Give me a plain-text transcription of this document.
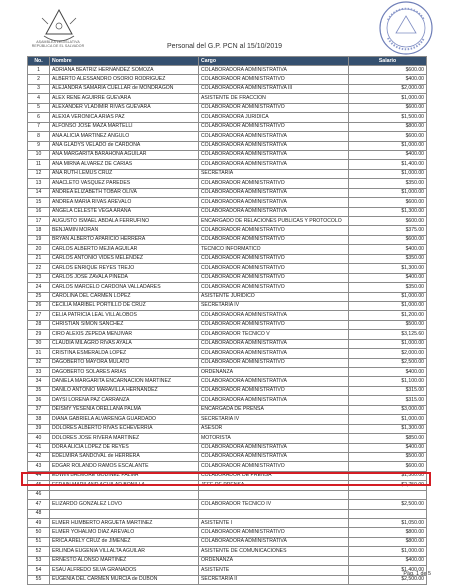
ASAMBLEA LEGISLATIVA
REPÚBLICA DE EL SALVADOR	Personal del G.P. PCN al 15/10/2019
No.	Nombre	Cargo	Salario
1	ADRIANA BEATRIZ HERNANDEZ SOMOZA	COLABORADORA ADMINISTRATIVA	$600.00
2	ALBERTO ALESSANDRO OSORIO RODRIGUEZ	COLABORADOR ADMINISTRATIVO	$400.00
3	ALEJANDRA SAMARIA CUELLAR de MONDRAGON	COLABORADORA ADMINISTRATIVA III	$2,000.00
4	ALEX RENE AGUIRRE GUEVARA	ASISTENTE DE FRACCION	$1,000.00
5	ALEXANDER VLADIMIR RIVAS GUEVARA	COLABORADOR ADMINISTRATIVO	$600.00
6	ALEXIA VERONICA ARIAS PAZ	COLABORADORA JURIDICA	$1,500.00
7	ALFONSO JOSE MAZA MARTELLI	COLABORADOR ADMINISTRATIVO	$800.00
8	ANA ALICIA MARTINEZ ANGULO	COLABORADORA ADMINISTRATIVA	$600.00
9	ANA GLADYS VELADO de CARDONA	COLABORADORA ADMINISTRATIVA	$1,000.00
10	ANA MARGARITA BARAHONA AGUILAR	COLABORADORA ADMINISTRATIVA	$400.00
11	ANA MIRNA ALVAREZ DE CARIAS	COLABORADORA ADMINISTRATIVA	$1,400.00
12	ANA RUTH LEMUS CRUZ	SECRETARIA	$1,000.00
13	ANACLETO VASQUEZ PAREDES	COLABORADOR ADMINISTRATIVO	$350.00
14	ANDREA ELIZABETH TOBAR OLIVA	COLABORADORA ADMINISTRATIVA	$1,000.00
15	ANDREA MARIA RIVAS AREVALO	COLABORADORA ADMINISTRATIVA	$600.00
16	ANGELA CELESTE VEGA ARANA	COLABORADORA ADMINISTRATIVA	$1,300.00
17	AUGUSTO ISMAEL ABDALA FERRUFINO	ENCARGADO DE RELACIONES PUBLICAS Y PROTOCOLO	$600.00
18	BENJAMIN MORAN	COLABORADOR ADMINISTRATIVO	$375.00
19	BRYAN ALBERTO APARICIO HERRERA	COLABORADOR ADMINISTRATIVO	$600.00
20	CARLOS ALBERTO MEJIA AGUILAR	TECNICO INFORMATICO	$400.00
21	CARLOS ANTONIO VIDES MELENDEZ	COLABORADOR ADMINISTRATIVO	$350.00
22	CARLOS ENRIQUE REYES TREJO	COLABORADOR ADMINISTRATIVO	$1,300.00
23	CARLOS JOSE ZAVALA PINEDA	COLABORADOR ADMINISTRATIVO	$400.00
24	CARLOS MARCELO CARDONA VALLADARES	COLABORADOR ADMINISTRATIVO	$350.00
25	CAROLINA DEL CARMEN LOPEZ	ASISTENTE JURIDICO	$1,000.00
26	CECILIA MARIBEL PORTILLO DE CRUZ	SECRETARIA IV	$1,000.00
27	CELIA PATRICIA LEAL VILLALOBOS	COLABORADORA ADMINISTRATIVA	$1,200.00
28	CHRISTIAN SIMON SANCHEZ	COLABORADOR ADMINISTRATIVO	$500.00
29	CIRO ALEXIS ZEPEDA MENJIVAR	COLABORADOR TECNICO V	$3,125.60
30	CLAUDIA MILAGRO RIVAS AYALA	COLABORADORA ADMINISTRATIVA	$1,000.00
31	CRISTINA ESMERALDA LOPEZ	COLABORADORA ADMINISTRATIVA	$2,000.00
32	DAGOBERTO MAYORA MULATO	COLABORADOR ADMINISTRATIVO	$2,500.00
33	DAGOBERTO SOLARES ARIAS	ORDENANZA	$400.00
34	DANIELA MARGARITA ENCARNACION MARTINEZ	COLABORADORA ADMINISTRATIVA	$1,100.00
35	DANILO ANTONIO MARAVILLA HERNANDEZ	COLABORADOR ADMINISTRATIVO	$315.00
36	DAYSI LORENA PAZ CARRANZA	COLABORADORA ADMINISTRATIVA	$315.00
37	DEISMY YESENIA ORELLANA PALMA	ENCARGADA DE PRENSA	$3,000.00
38	DIANA GABRIELA ALVARENGA GUARDADO	SECRETARIA IV	$1,000.00
39	DOLORES ALBERTO RIVAS ECHEVERRIA	ASESOR	$1,300.00
40	DOLORES JOSE RIVERA MARTINEZ	MOTORISTA	$850.00
41	DORA ALICIA LOPEZ DE REYES	COLABORADORA ADMINISTRATIVA	$400.00
42	EDELMIRA SANDOVAL de HERRERA	COLABORADORA ADMINISTRATIVA	$500.00
43	EDGAR ROLANDO RAMOS ESCALANTE	COLABORADOR ADMINISTRATIVO	$600.00
44	EDWIN BALMORE GODINEZ PALMA	COLABORADOR DE PRENSA	$1,500.00
45	EFRAIN MARILAND AGUILAR BONILLA	JEFE DE PRENSA	$2,750.00
46			
47	ELIZARDO GONZALEZ LOVO	COLABORADOR TECNICO IV	$2,500.00
48			
49	ELMER HUMBERTO ARGUETA MARTINEZ	ASISTENTE I	$1,050.00
50	ELMER YOHALMO DIAZ AREVALO	COLABORADOR ADMINISTRATIVO	$800.00
51	ERICA ARELY CRUZ de JIMENEZ	COLABORADORA ADMINISTRATIVA	$800.00
52	ERLINDA EUGENIA VILLALTA AGUILAR	ASISTENTE DE COMUNICACIONES	$1,000.00
53	ERNESTO ALONSO MARTINEZ	ORDENANZA	$400.00
54	ESAU ALFREDO SILVA GRANADOS	ASISTENTE	$1,400.00
55	EUGENIA DEL CARMEN MURCIA de DUBON	SECRETARIA II	$2,500.00
Pág. 1 de 5
